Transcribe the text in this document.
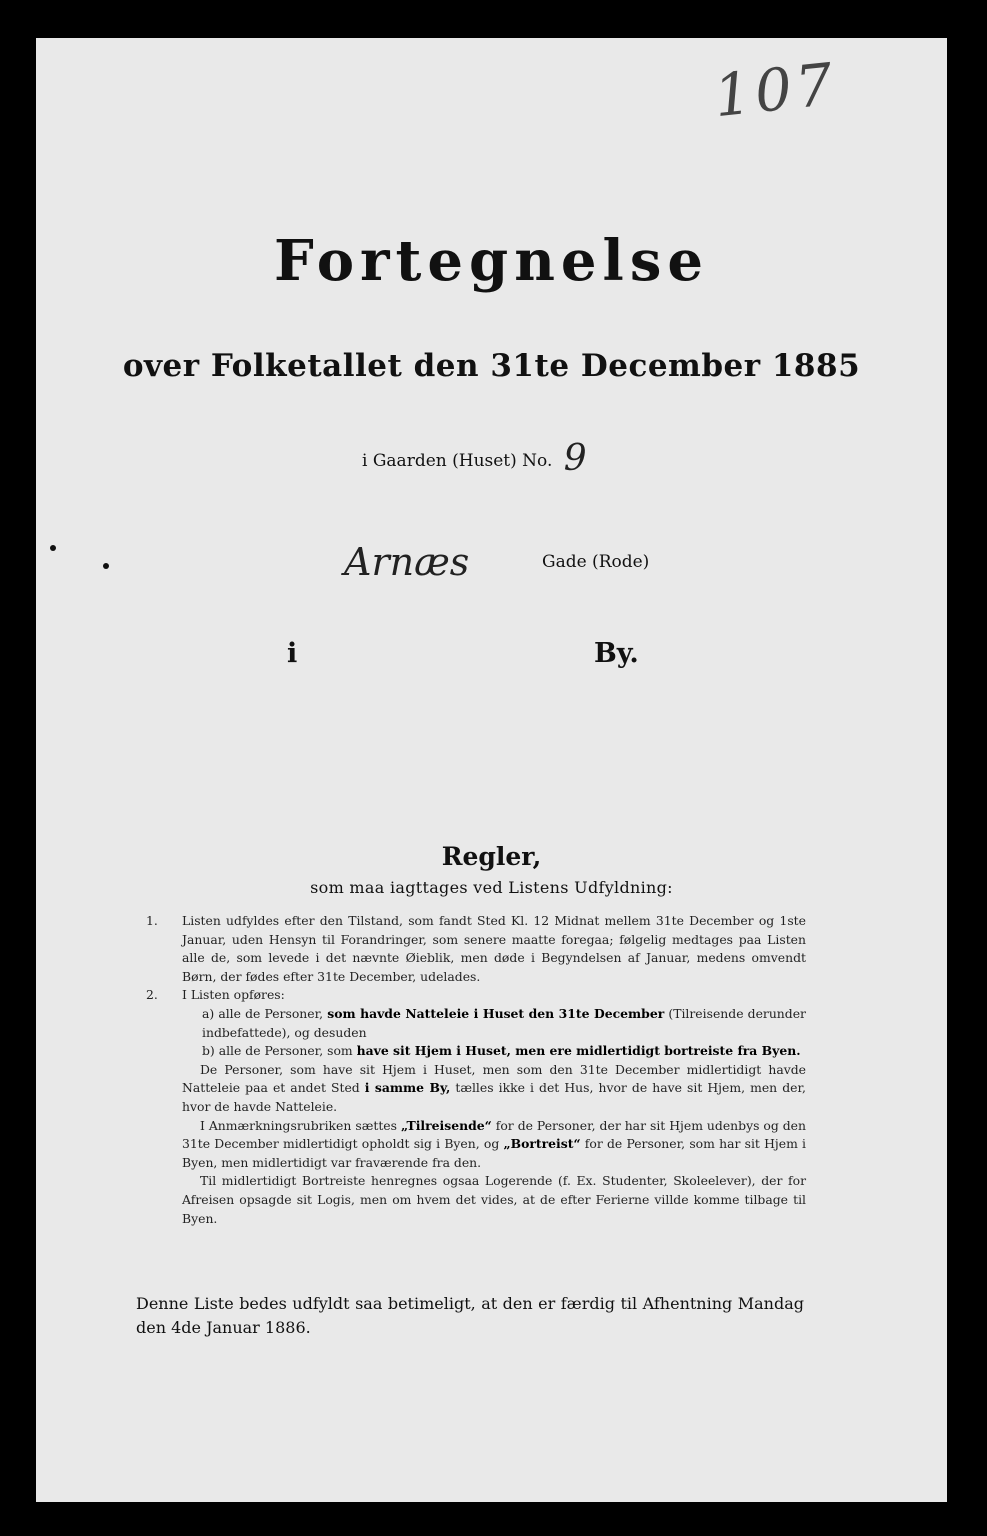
107
Fortegnelse
over Folketallet den 31te December 1885
i Gaarden (Huset) No. 9
Arnæs	Gade (Rode)
i	By.
Regler,
som maa iagttages ved Listens Udfyldning:

1. Listen udfyldes efter den Tilstand, som fandt Sted Kl. 12 Midnat mellem 31te December og 1ste Januar, uden Hensyn til Forandringer, som senere maatte foregaa; følgelig medtages paa Listen alle de, som levede i det nævnte Øieblik, men døde i Begyndelsen af Januar, medens omvendt Børn, der fødes efter 31te December, udelades.

2. I Listen opføres:

a) alle de Personer, som havde Natteleie i Huset den 31te December (Tilreisende derunder indbefattede), og desuden

b) alle de Personer, som have sit Hjem i Huset, men ere midlertidigt bortreiste fra Byen.

De Personer, som have sit Hjem i Huset, men som den 31te December midlertidigt havde Natteleie paa et andet Sted i samme By, tælles ikke i det Hus, hvor de have sit Hjem, men der, hvor de havde Natteleie.

I Anmærkningsrubriken sættes „Tilreisende“ for de Personer, der har sit Hjem udenbys og den 31te December midlertidigt opholdt sig i Byen, og „Bortreist“ for de Personer, som har sit Hjem i Byen, men midlertidigt var fraværende fra den.

Til midlertidigt Bortreiste henregnes ogsaa Logerende (f. Ex. Studenter, Skoleelever), der for Afreisen opsagde sit Logis, men om hvem det vides, at de efter Ferierne villde komme tilbage til Byen.

Denne Liste bedes udfyldt saa betimeligt, at den er færdig til Afhentning Mandag den 4de Januar 1886.
